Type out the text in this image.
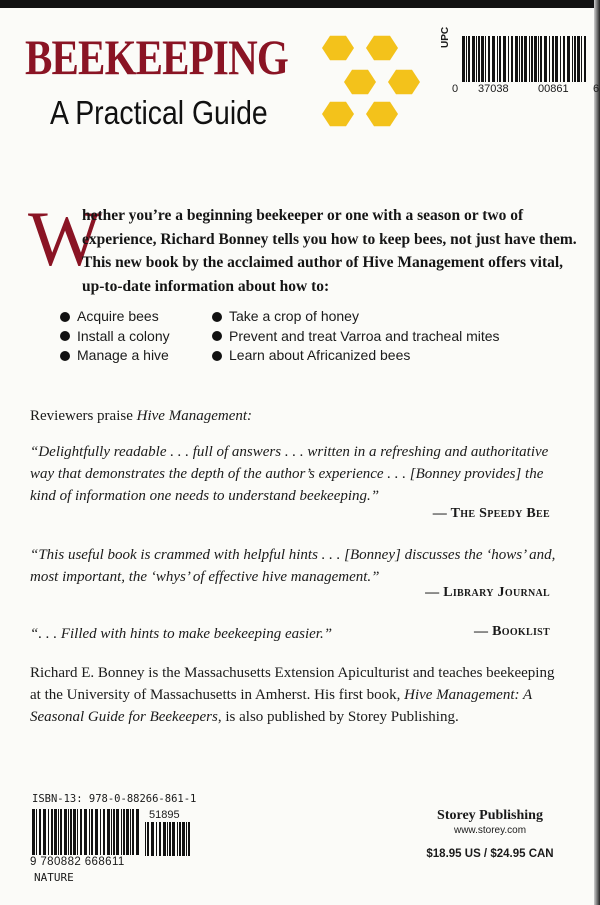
BEEKEEPING
A Practical Guide
UPC
0 37038	00861 6
W
hether you’re a beginning beekeeper or one with a season or two of experience, Richard Bonney tells you how to keep bees, not just have them. This new book by the acclaimed author of Hive Management offers vital, up-to-date information about how to:
Acquire bees
Install a colony
Manage a hive
Take a crop of honey
Prevent and treat Varroa and tracheal mites
Learn about Africanized bees
Reviewers praise Hive Management:
“Delightfully readable . . . full of answers . . . written in a refreshing and authoritative way that demonstrates the depth of the author’s experience . . . [Bonney provides] the kind of information one needs to understand beekeeping.”
— The Speedy Bee
“This useful book is crammed with helpful hints . . . [Bonney] discusses the ‘hows’ and, most important, the ‘whys’ of effective hive management.”
— Library Journal
“. . . Filled with hints to make beekeeping easier.”	— Booklist
Richard E. Bonney is the Massachusetts Extension Apiculturist and teaches beekeeping at the University of Massachusetts in Amherst. His first book, Hive Management: A Seasonal Guide for Beekeepers, is also published by Storey Publishing.
ISBN-13: 978-0-88266-861-1
51895
9 780882 668611
NATURE
Storey Publishing
www.storey.com
$18.95 US / $24.95 CAN
